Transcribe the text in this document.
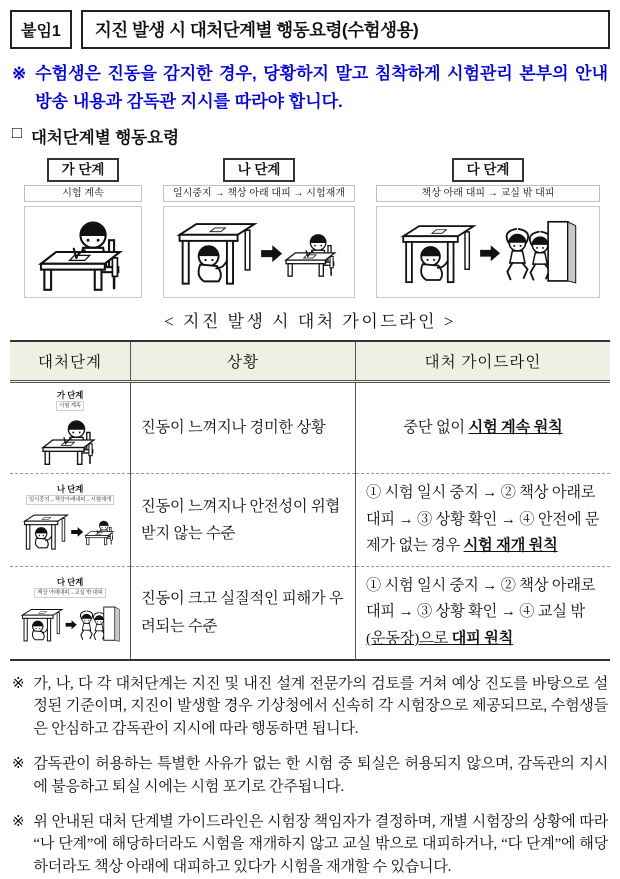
붙임1 지진 발생 시 대처단계별 행동요령(수험생용)
※ 수험생은 진동을 감지한 경우, 당황하지 말고 침착하게 시험관리 본부의 안내 방송 내용과 감독관 지시를 따라야 합니다.
□ 대처단계별 행동요령
가 단계
시험 계속
나 단계
일시중지 → 책상 아래 대피 → 시험재개
다 단계
책상 아래 대피 → 교실 밖 대피
< 지진 발생 시 대처 가이드라인 >
대처단계	상황	대처 가이드라인

가 단계
시험 계속	진동이 느껴지나 경미한 상황	중단 없이 시험 계속 원칙

나 단계
일시중지→책상아래대피→시험재개	진동이 느껴지나 안전성이 위협받지 않는 수준	① 시험 일시 중지 → ② 책상 아래로 대피 → ③ 상황 확인 → ④ 안전에 문제가 없는 경우 시험 재개 원칙

다 단계
책상 아래대피→교실 밖 대피	진동이 크고 실질적인 피해가 우려되는 수준	① 시험 일시 중지 → ② 책상 아래로 대피 → ③ 상황 확인 → ④ 교실 밖 (운동장)으로 대피 원칙
※ 가, 나, 다 각 대처단계는 지진 및 내진 설계 전문가의 검토를 거쳐 예상 진도를 바탕으로 설정된 기준이며, 지진이 발생할 경우 기상청에서 신속히 각 시험장으로 제공되므로, 수험생들은 안심하고 감독관이 지시에 따라 행동하면 됩니다.
※ 감독관이 허용하는 특별한 사유가 없는 한 시험 중 퇴실은 허용되지 않으며, 감독관의 지시에 불응하고 퇴실 시에는 시험 포기로 간주됩니다.
※ 위 안내된 대처 단계별 가이드라인은 시험장 책임자가 결정하며, 개별 시험장의 상황에 따라 “나 단계”에 해당하더라도 시험을 재개하지 않고 교실 밖으로 대피하거나, “다 단계”에 해당하더라도 책상 아래에 대피하고 있다가 시험을 재개할 수 있습니다.
